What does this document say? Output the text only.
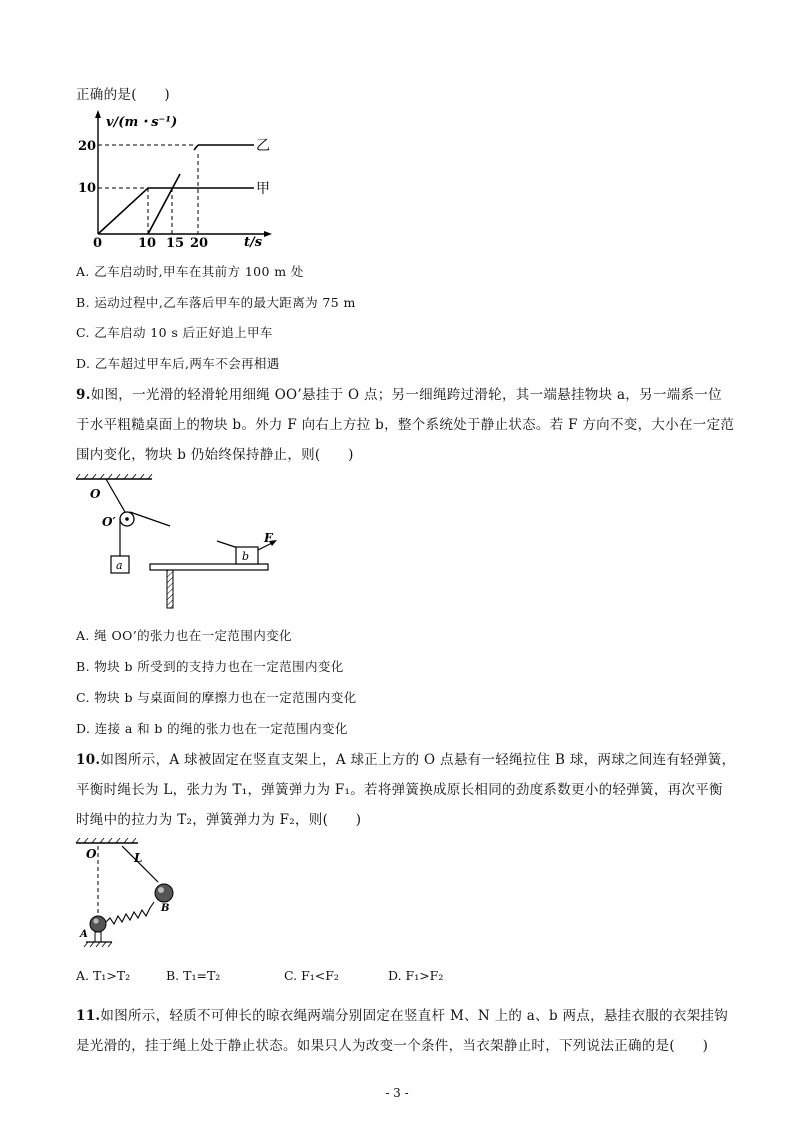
正确的是(　　)
v/(m・s⁻¹)
t/s
20
10
0	10 15 20
乙
甲
A. 乙车启动时,甲车在其前方 100 m 处
B. 运动过程中,乙车落后甲车的最大距离为 75 m
C. 乙车启动 10 s 后正好追上甲车
D. 乙车超过甲车后,两车不会再相遇
9.如图，一光滑的轻滑轮用细绳 OO’悬挂于 O 点；另一细绳跨过滑轮，其一端悬挂物块 a，另一端系一位
于水平粗糙桌面上的物块 b。外力 F 向右上方拉 b，整个系统处于静止状态。若 F 方向不变，大小在一定范
围内变化，物块 b 仍始终保持静止，则(　　)
O
O′
a
b
F
A. 绳 OO’的张力也在一定范围内变化
B. 物块 b 所受到的支持力也在一定范围内变化
C. 物块 b 与桌面间的摩擦力也在一定范围内变化
D. 连接 a 和 b 的绳的张力也在一定范围内变化
10.如图所示，A 球被固定在竖直支架上，A 球正上方的 O 点悬有一轻绳拉住 B 球，两球之间连有轻弹簧，
平衡时绳长为 L，张力为 T₁，弹簧弹力为 F₁。若将弹簧换成原长相同的劲度系数更小的轻弹簧，再次平衡
时绳中的拉力为 T₂，弹簧弹力为 F₂，则(　　)
O	L
B
A
A. T₁>T₂	B. T₁=T₂	C. F₁<F₂	D. F₁>F₂
11.如图所示，轻质不可伸长的晾衣绳两端分别固定在竖直杆 M、N 上的 a、b 两点，悬挂衣服的衣架挂钩
是光滑的，挂于绳上处于静止状态。如果只人为改变一个条件，当衣架静止时，下列说法正确的是(　　)
- 3 -
